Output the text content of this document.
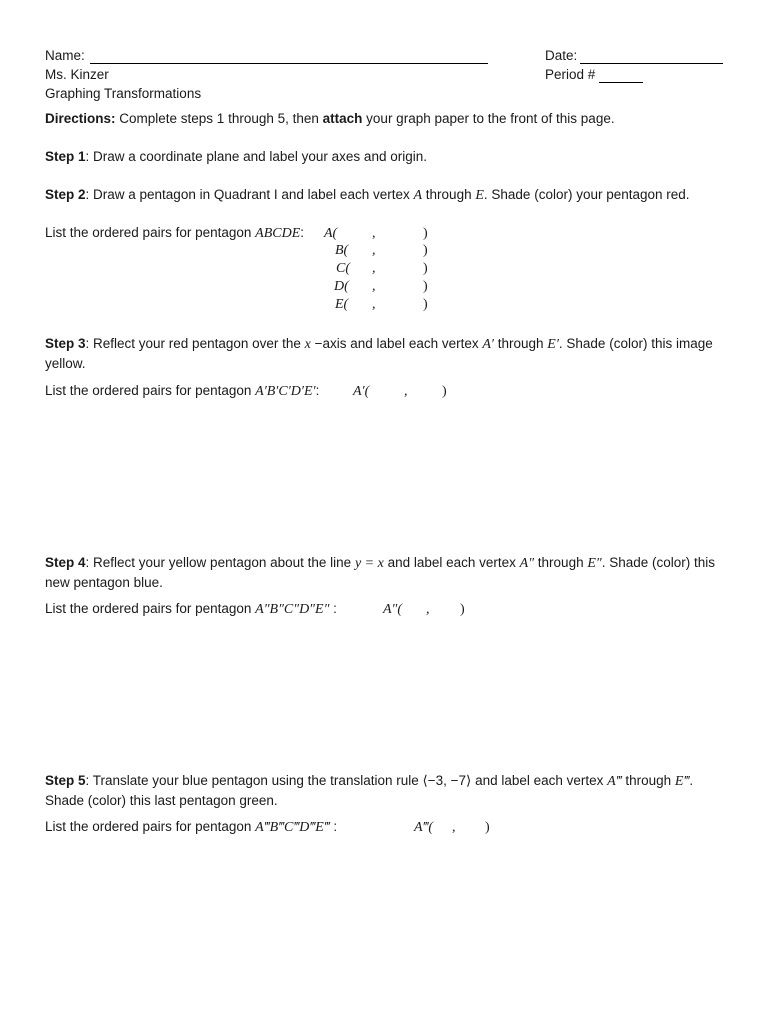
Name:
Ms. Kinzer
Graphing Transformations
Date:
Period #
Directions: Complete steps 1 through 5, then attach your graph paper to the front of this page.
Step 1: Draw a coordinate plane and label your axes and origin.
Step 2: Draw a pentagon in Quadrant I and label each vertex A through E. Shade (color) your pentagon red.
List the ordered pairs for pentagon ABCDE: A( ,	)
B( ,	)
C( ,	)
D( ,	)
E( ,	)
Step 3: Reflect your red pentagon over the x −axis and label each vertex A′ through E′. Shade (color) this image yellow.
List the ordered pairs for pentagon A′B′C′D′E′: A′( , )
Step 4: Reflect your yellow pentagon about the line y = x and label each vertex A″ through E″. Shade (color) this new pentagon blue.
List the ordered pairs for pentagon A″B″C″D″E″ :	A″( , )
Step 5: Translate your blue pentagon using the translation rule ⟨−3, −7⟩ and label each vertex A‴ through E‴. Shade (color) this last pentagon green.
List the ordered pairs for pentagon A‴B‴C‴D‴E‴ :	A‴( , )
